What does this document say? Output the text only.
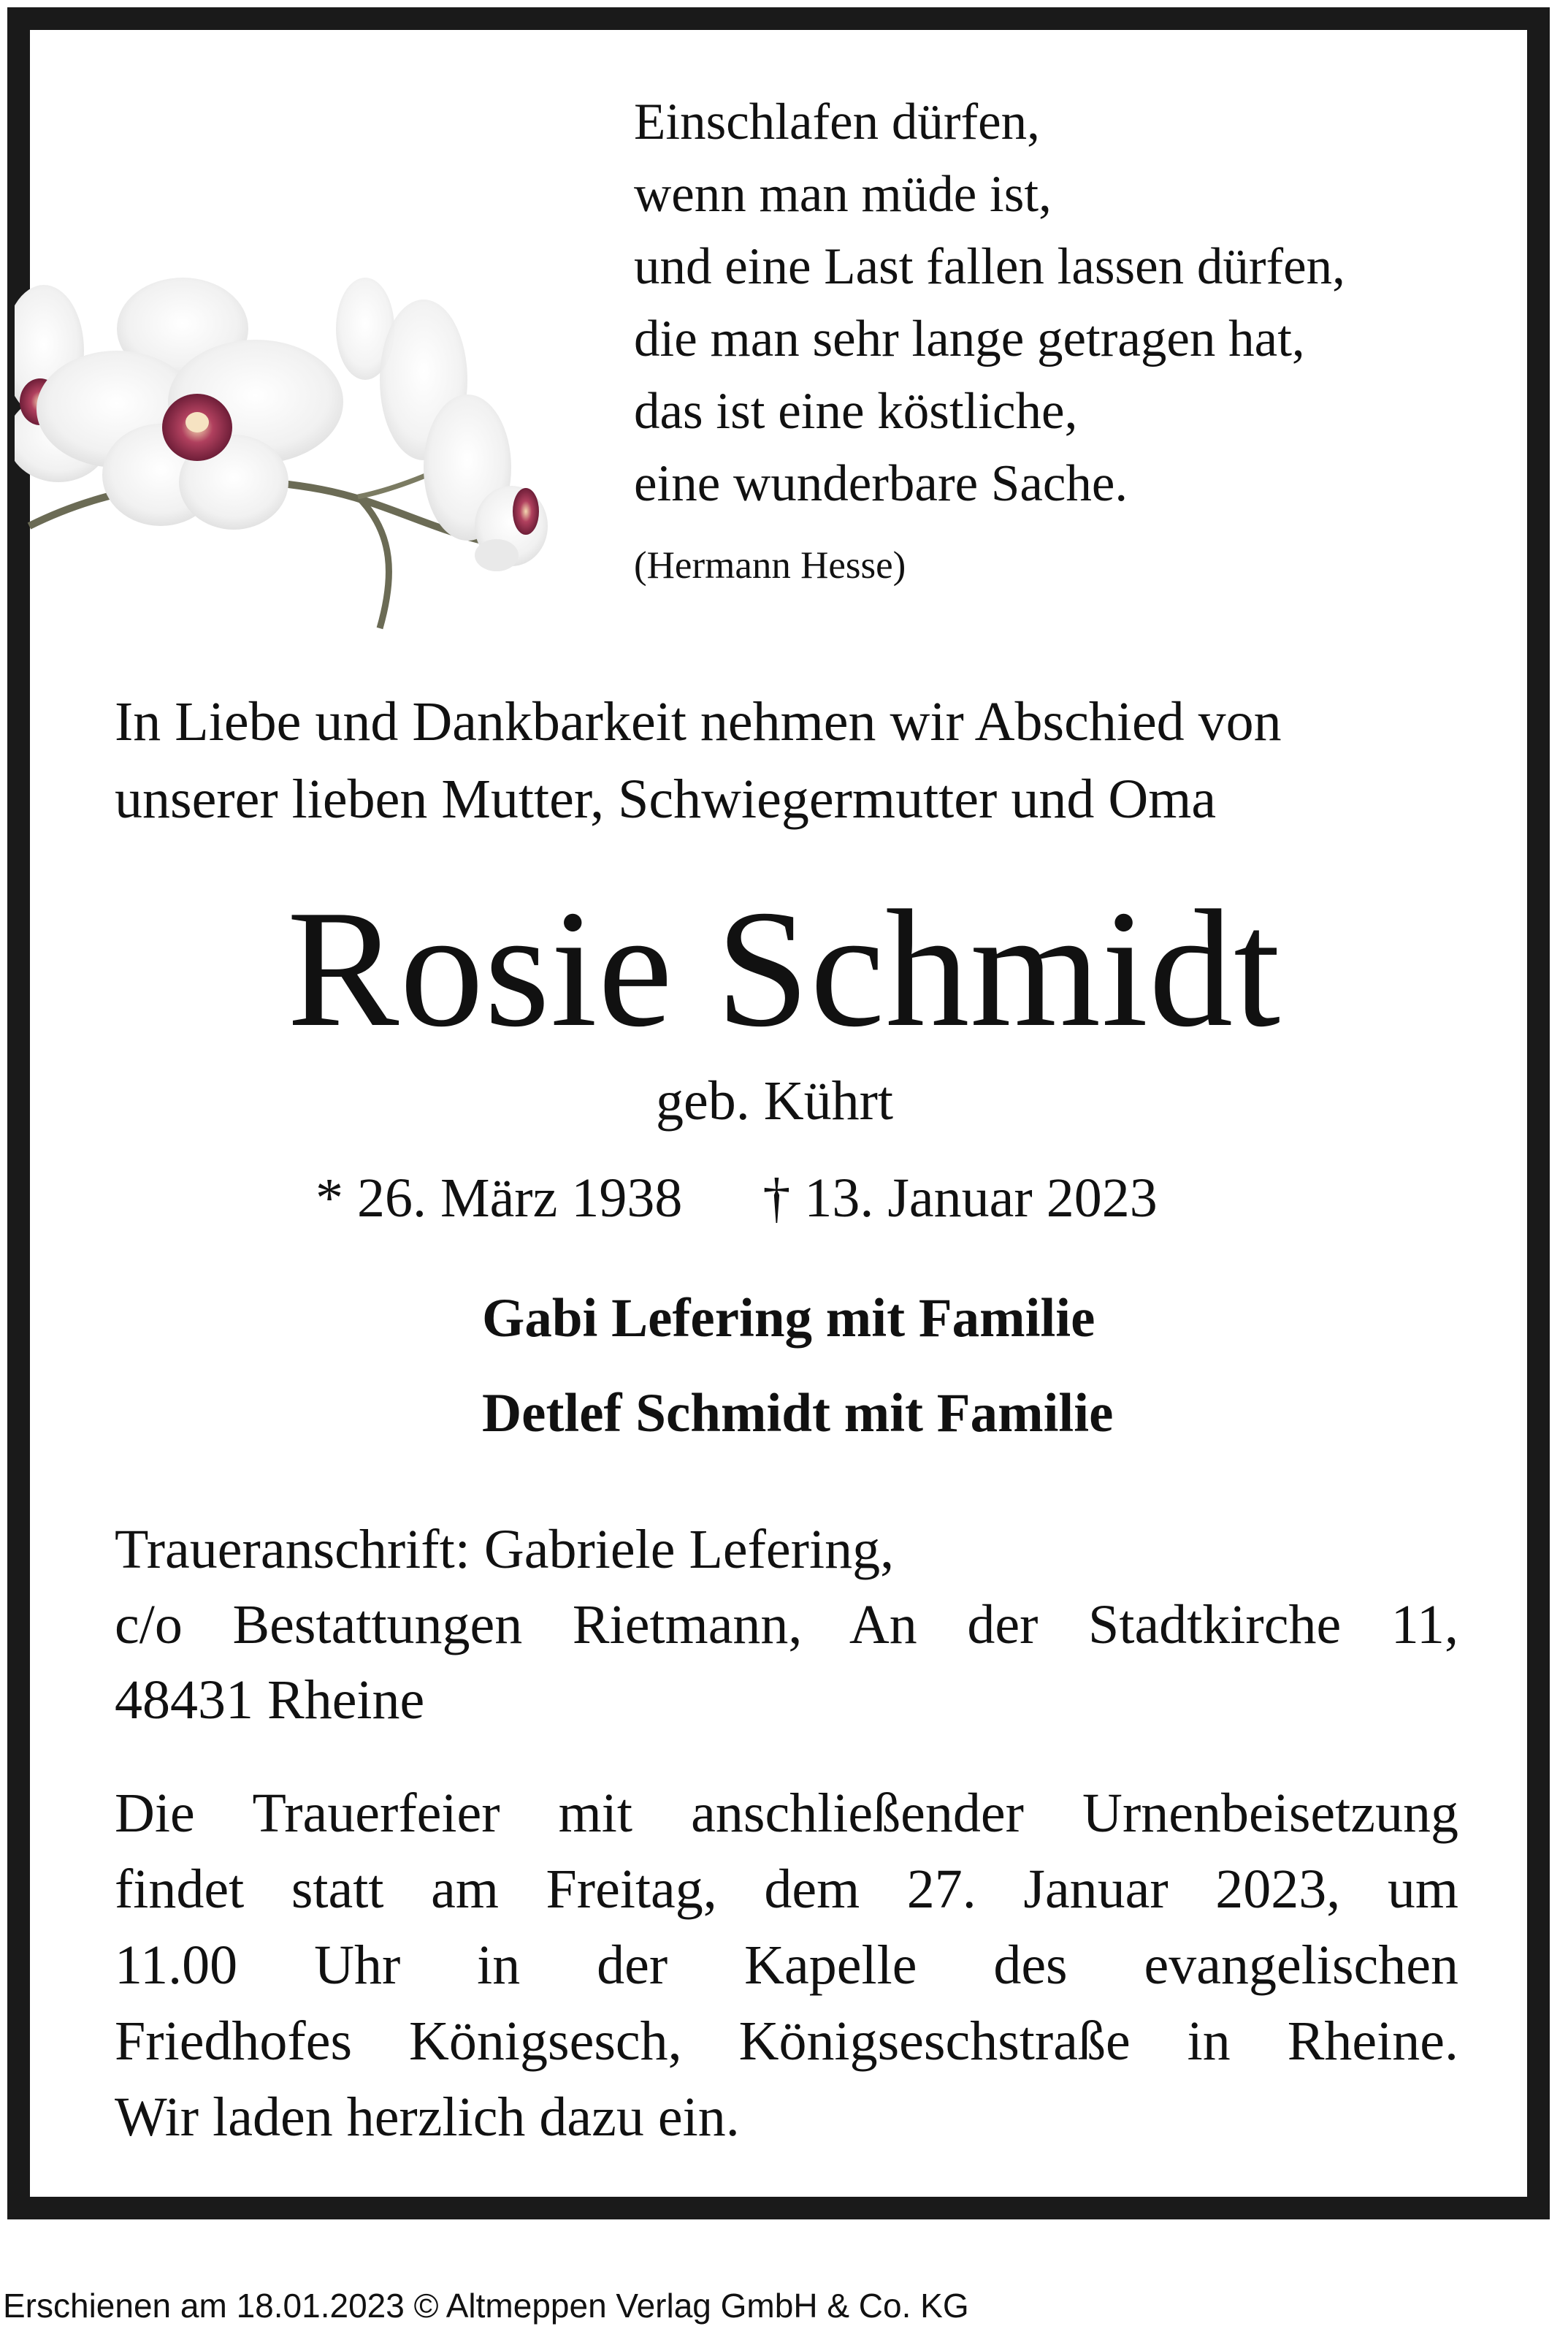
Einschlafen dürfen,
wenn man müde ist,
und eine Last fallen lassen dürfen,
die man sehr lange getragen hat,
das ist eine köstliche,
eine wunderbare Sache.
(Hermann Hesse)
In Liebe und Dankbarkeit nehmen wir Abschied von
unserer lieben Mutter, Schwiegermutter und Oma
Rosie Schmidt
geb. Kührt
* 26. März 1938 † 13. Januar 2023
Gabi Lefering mit Familie
Detlef Schmidt mit Familie
Traueranschrift: Gabriele Lefering,
c/o Bestattungen Rietmann, An der Stadtkirche 11,
48431 Rheine
Die Trauerfeier mit anschließender Urnenbeisetzung
findet statt am Freitag, dem 27. Januar 2023, um
11.00 Uhr in der Kapelle des evangelischen
Friedhofes Königsesch, Königseschstraße in Rheine.
Wir laden herzlich dazu ein.
Erschienen am 18.01.2023 © Altmeppen Verlag GmbH & Co. KG
